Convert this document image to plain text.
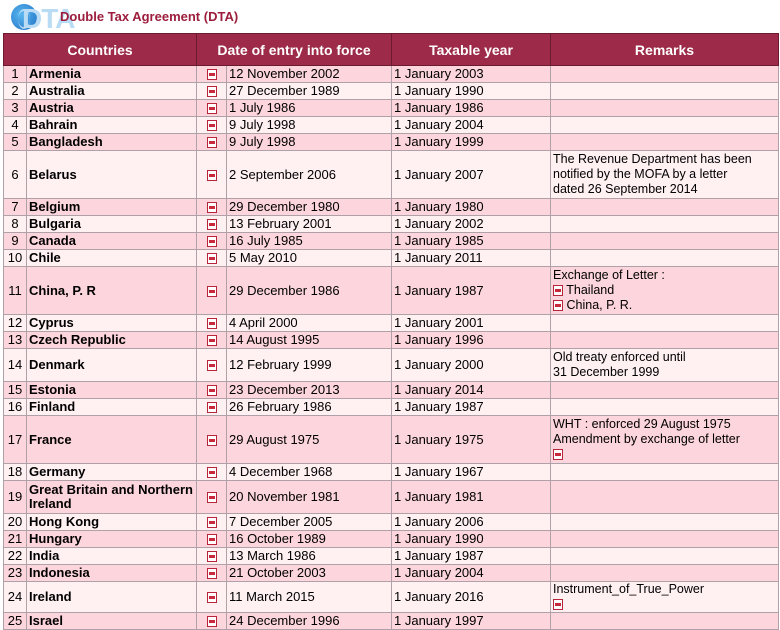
DTA
Double Tax Agreement (DTA)
Countries		Date of entry into force		Taxable year	Remarks
1	Armenia		12 November 2002	1 January 2003	
2	Australia		27 December 1989	1 January 1990	
3	Austria		1 July 1986	1 January 1986	
4	Bahrain		9 July 1998	1 January 2004	
5	Bangladesh		9 July 1998	1 January 1999	
6	Belarus		2 September 2006	1 January 2007	The Revenue Department has been
notified by the MOFA by a letter
dated 26 September 2014

7	Belgium		29 December 1980	1 January 1980	
8	Bulgaria		13 February 2001	1 January 2002	
9	Canada		16 July 1985	1 January 1985	
10	Chile		5 May 2010	1 January 2011	
11	China, P. R		29 December 1986	1 January 1987	Exchange of Letter :
Thailand
China, P. R.

12	Cyprus		4 April 2000	1 January 2001	
13	Czech Republic		14 August 1995	1 January 1996	
14	Denmark		12 February 1999	1 January 2000	Old treaty enforced until
31 December 1999

15	Estonia		23 December 2013	1 January 2014	
16	Finland		26 February 1986	1 January 1987	
17	France		29 August 1975	1 January 1975	WHT : enforced 29 August 1975
Amendment by exchange of letter

18	Germany		4 December 1968	1 January 1967	
19	Great Britain and Northern Ireland		20 November 1981	1 January 1981	
20	Hong Kong		7 December 2005	1 January 2006	
21	Hungary		16 October 1989	1 January 1990	
22	India		13 March 1986	1 January 1987	
23	Indonesia		21 October 2003	1 January 2004	
24	Ireland		11 March 2015	1 January 2016	Instrument_of_True_Power

25	Israel		24 December 1996	1 January 1997	
